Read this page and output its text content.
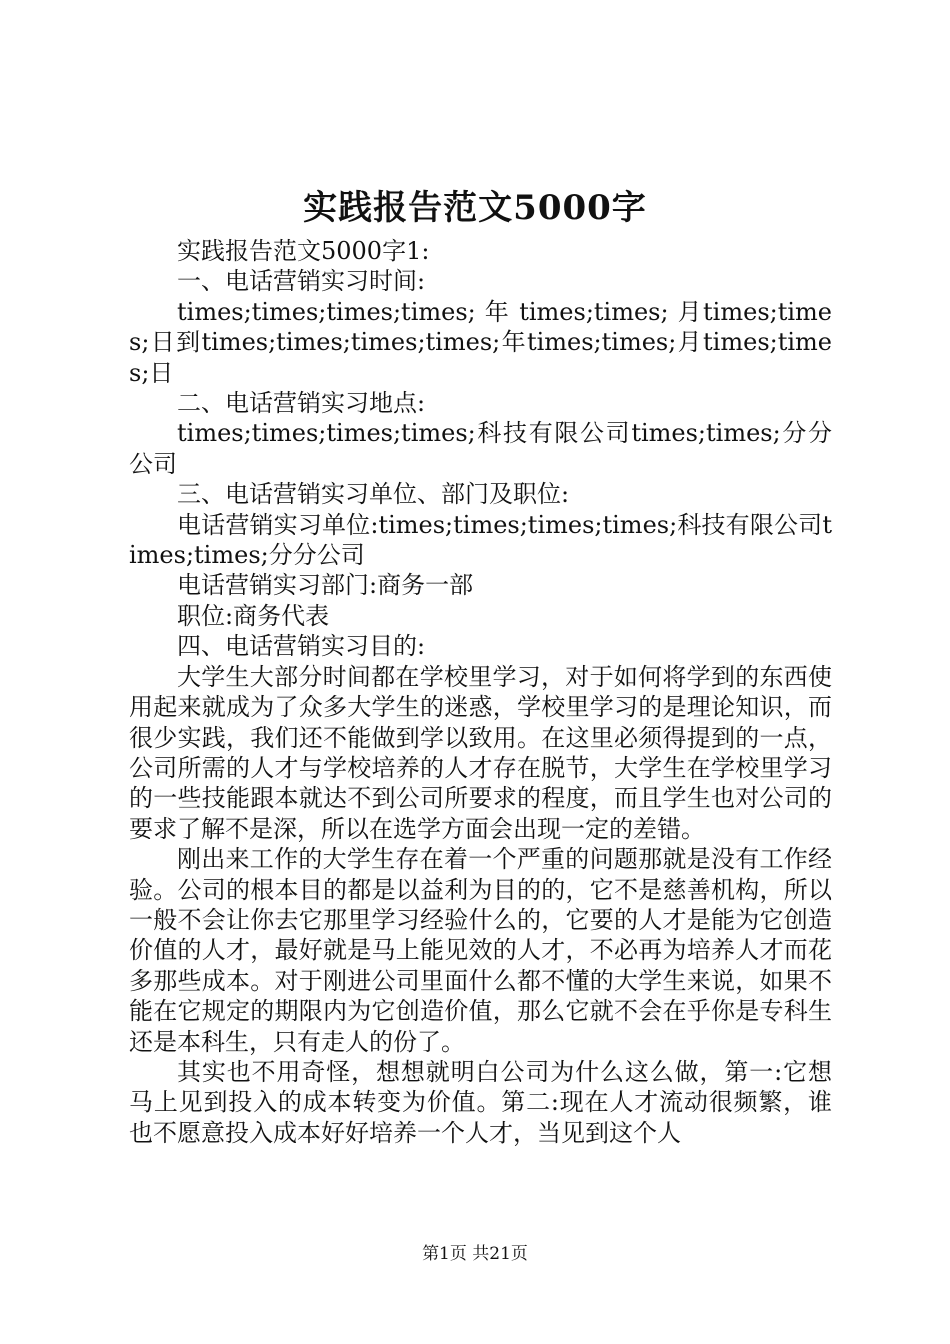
实践报告范文5000字

实践报告范文5000字1:

一、电话营销实习时间:

times;times;times;times; 年 times;times; 月times;times;日到times;times;times;times;年times;times;月times;times;日

二、电话营销实习地点:

times;times;times;times;科技有限公司times;times;分分公司

三、电话营销实习单位、部门及职位:

电话营销实习单位:times;times;times;times;科技有限公司times;times;分分公司

电话营销实习部门:商务一部

职位:商务代表

四、电话营销实习目的:

大学生大部分时间都在学校里学习，对于如何将学到的东西使用起来就成为了众多大学生的迷惑，学校里学习的是理论知识，而很少实践，我们还不能做到学以致用。在这里必须得提到的一点，公司所需的人才与学校培养的人才存在脱节，大学生在学校里学习的一些技能跟本就达不到公司所要求的程度，而且学生也对公司的要求了解不是深，所以在选学方面会出现一定的差错。

刚出来工作的大学生存在着一个严重的问题那就是没有工作经验。公司的根本目的都是以益利为目的的，它不是慈善机构，所以一般不会让你去它那里学习经验什么的，它要的人才是能为它创造价值的人才，最好就是马上能见效的人才，不必再为培养人才而花多那些成本。对于刚进公司里面什么都不懂的大学生来说，如果不能在它规定的期限内为它创造价值，那么它就不会在乎你是专科生还是本科生，只有走人的份了。

其实也不用奇怪，想想就明白公司为什么这么做，第一:它想马上见到投入的成本转变为价值。第二:现在人才流动很频繁，谁也不愿意投入成本好好培养一个人才，当见到这个人

第1页 共21页
